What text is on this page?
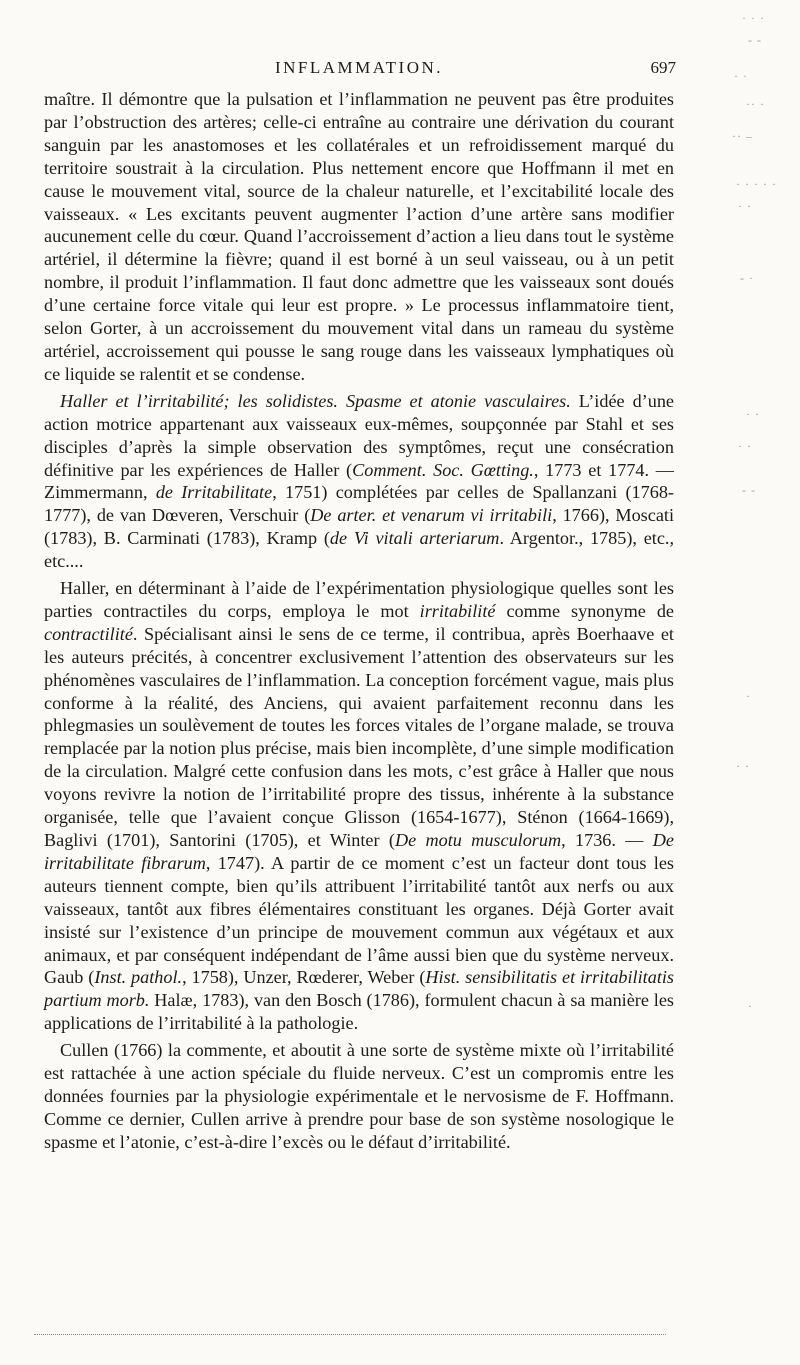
INFLAMMATION.	697

maître. Il démontre que la pulsation et l’inflammation ne peuvent pas être produites par l’obstruction des artères; celle-ci entraîne au contraire une dérivation du courant sanguin par les anastomoses et les collatérales et un refroidissement marqué du territoire soustrait à la circulation. Plus nettement encore que Hoffmann il met en cause le mouvement vital, source de la chaleur naturelle, et l’excitabilité locale des vaisseaux. « Les excitants peuvent augmenter l’action d’une artère sans modifier aucunement celle du cœur. Quand l’accroissement d’action a lieu dans tout le système artériel, il détermine la fièvre; quand il est borné à un seul vaisseau, ou à un petit nombre, il produit l’inflammation. Il faut donc admettre que les vaisseaux sont doués d’une certaine force vitale qui leur est propre. » Le processus inflammatoire tient, selon Gorter, à un accroissement du mouvement vital dans un rameau du système artériel, accroissement qui pousse le sang rouge dans les vaisseaux lymphatiques où ce liquide se ralentit et se condense.

Haller et l’irritabilité; les solidistes. Spasme et atonie vasculaires. L’idée d’une action motrice appartenant aux vaisseaux eux-mêmes, soupçonnée par Stahl et ses disciples d’après la simple observation des symptômes, reçut une consécration définitive par les expériences de Haller (Comment. Soc. Gœtting., 1773 et 1774. — Zimmermann, de Irritabilitate, 1751) complétées par celles de Spallanzani (1768-1777), de van Dœveren, Verschuir (De arter. et venarum vi irritabili, 1766), Moscati (1783), B. Carminati (1783), Kramp (de Vi vitali arteriarum. Argentor., 1785), etc., etc....

Haller, en déterminant à l’aide de l’expérimentation physiologique quelles sont les parties contractiles du corps, employa le mot irritabilité comme synonyme de contractilité. Spécialisant ainsi le sens de ce terme, il contribua, après Boerhaave et les auteurs précités, à concentrer exclusivement l’attention des observateurs sur les phénomènes vasculaires de l’inflammation. La conception forcément vague, mais plus conforme à la réalité, des Anciens, qui avaient parfaitement reconnu dans les phlegmasies un soulèvement de toutes les forces vitales de l’organe malade, se trouva remplacée par la notion plus précise, mais bien incomplète, d’une simple modification de la circulation. Malgré cette confusion dans les mots, c’est grâce à Haller que nous voyons revivre la notion de l’irritabilité propre des tissus, inhérente à la substance organisée, telle que l’avaient conçue Glisson (1654-1677), Sténon (1664-1669), Baglivi (1701), Santorini (1705), et Winter (De motu musculorum, 1736. — De irritabilitate fibrarum, 1747). A partir de ce moment c’est un facteur dont tous les auteurs tiennent compte, bien qu’ils attribuent l’irritabilité tantôt aux nerfs ou aux vaisseaux, tantôt aux fibres élémentaires constituant les organes. Déjà Gorter avait insisté sur l’existence d’un principe de mouvement commun aux végétaux et aux animaux, et par conséquent indépendant de l’âme aussi bien que du système nerveux. Gaub (Inst. pathol., 1758), Unzer, Rœderer, Weber (Hist. sensibilitatis et irritabilitatis partium morb. Halæ, 1783), van den Bosch (1786), formulent chacun à sa manière les applications de l’irritabilité à la pathologie.

Cullen (1766) la commente, et aboutit à une sorte de système mixte où l’irritabilité est rattachée à une action spéciale du fluide nerveux. C’est un compromis entre les données fournies par la physiologie expérimentale et le nervosisme de F. Hoffmann. Comme ce dernier, Cullen arrive à prendre pour base de son système nosologique le spasme et l’atonie, c’est-à-dire l’excès ou le défaut d’irritabilité.

· · ·
- -
· ·
·· ·
·· –
· · · · ·
· ·
- ·
· ·
· ·
- -
·
· ·
·
